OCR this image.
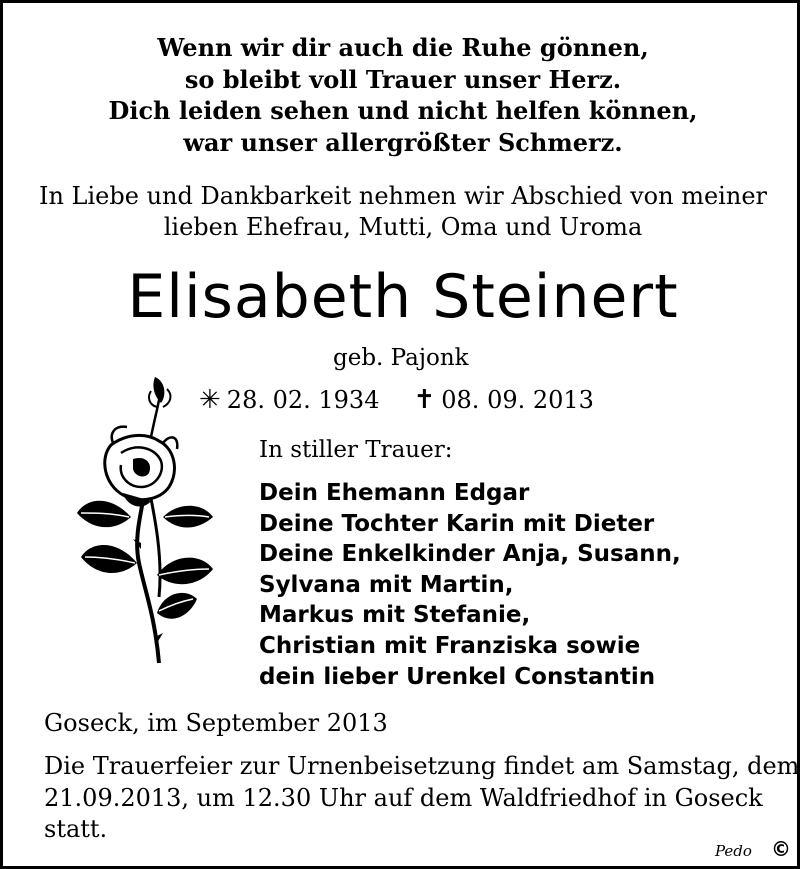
Wenn wir dir auch die Ruhe gönnen,
so bleibt voll Trauer unser Herz.
Dich leiden sehen und nicht helfen können,
war unser allergrößter Schmerz.
In Liebe und Dankbarkeit nehmen wir Abschied von meiner
lieben Ehefrau, Mutti, Oma und Uroma
Elisabeth Steinert
geb. Pajonk
✳ 28. 02. 1934 ✝ 08. 09. 2013
In stiller Trauer:
Dein Ehemann Edgar
Deine Tochter Karin mit Dieter
Deine Enkelkinder Anja, Susann,
Sylvana mit Martin,
Markus mit Stefanie,
Christian mit Franziska sowie
dein lieber Urenkel Constantin
Goseck, im September 2013
Die Trauerfeier zur Urnenbeisetzung findet am Samstag, dem
21.09.2013, um 12.30 Uhr auf dem Waldfriedhof in Goseck
statt.
Pedo ©
